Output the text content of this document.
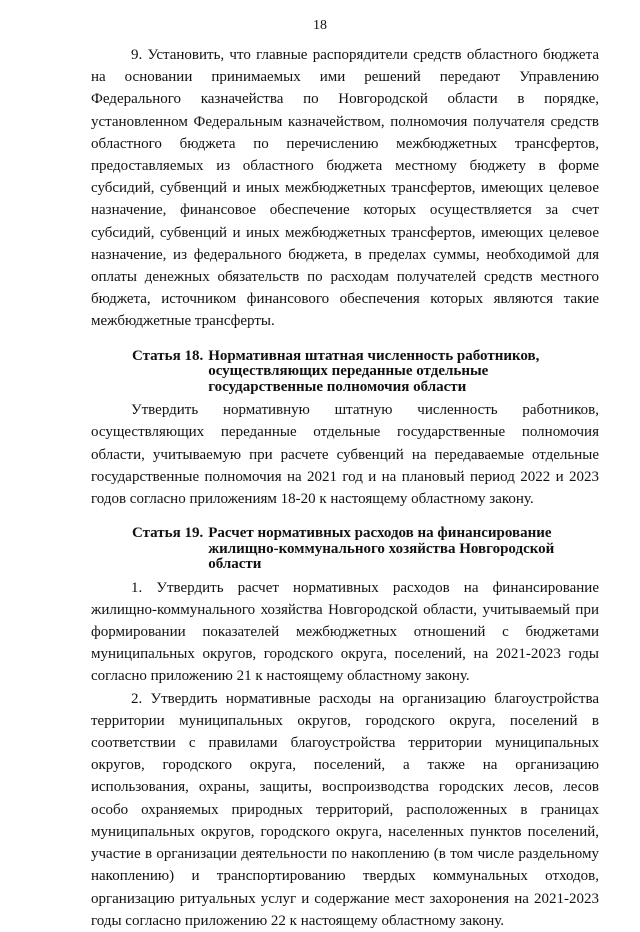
18

9. Установить, что главные распорядители средств областного бюджета на основании принимаемых ими решений передают Управлению Федерального казначейства по Новгородской области в порядке, установленном Федеральным казначейством, полномочия получателя средств областного бюджета по перечислению межбюджетных трансфертов, предоставляемых из областного бюджета местному бюджету в форме субсидий, субвенций и иных межбюджетных трансфертов, имеющих целевое назначение, финансовое обеспечение которых осуществляется за счет субсидий, субвенций и иных межбюджетных трансфертов, имеющих целевое назначение, из федерального бюджета, в пределах суммы, необходимой для оплаты денежных обязательств по расходам получателей средств местного бюджета, источником финансового обеспечения которых являются такие межбюджетные трансферты.

Статья 18. Нормативная штатная численность работников, осуществляющих переданные отдельные государственные полномочия области

Утвердить нормативную штатную численность работников, осуществляющих переданные отдельные государственные полномочия области, учитываемую при расчете субвенций на передаваемые отдельные государственные полномочия на 2021 год и на плановый период 2022 и 2023 годов согласно приложениям 18-20 к настоящему областному закону.

Статья 19. Расчет нормативных расходов на финансирование жилищно-коммунального хозяйства Новгородской области

1. Утвердить расчет нормативных расходов на финансирование жилищно-коммунального хозяйства Новгородской области, учитываемый при формировании показателей межбюджетных отношений с бюджетами муниципальных округов, городского округа, поселений, на 2021-2023 годы согласно приложению 21 к настоящему областному закону.

2. Утвердить нормативные расходы на организацию благоустройства территории муниципальных округов, городского округа, поселений в соответствии с правилами благоустройства территории муниципальных округов, городского округа, поселений, а также на организацию использования, охраны, защиты, воспроизводства городских лесов, лесов особо охраняемых природных территорий, расположенных в границах муниципальных округов, городского округа, населенных пунктов поселений, участие в организации деятельности по накоплению (в том числе раздельному накоплению) и транспортированию твердых коммунальных отходов, организацию ритуальных услуг и содержание мест захоронения на 2021-2023 годы согласно приложению 22 к настоящему областному закону.
